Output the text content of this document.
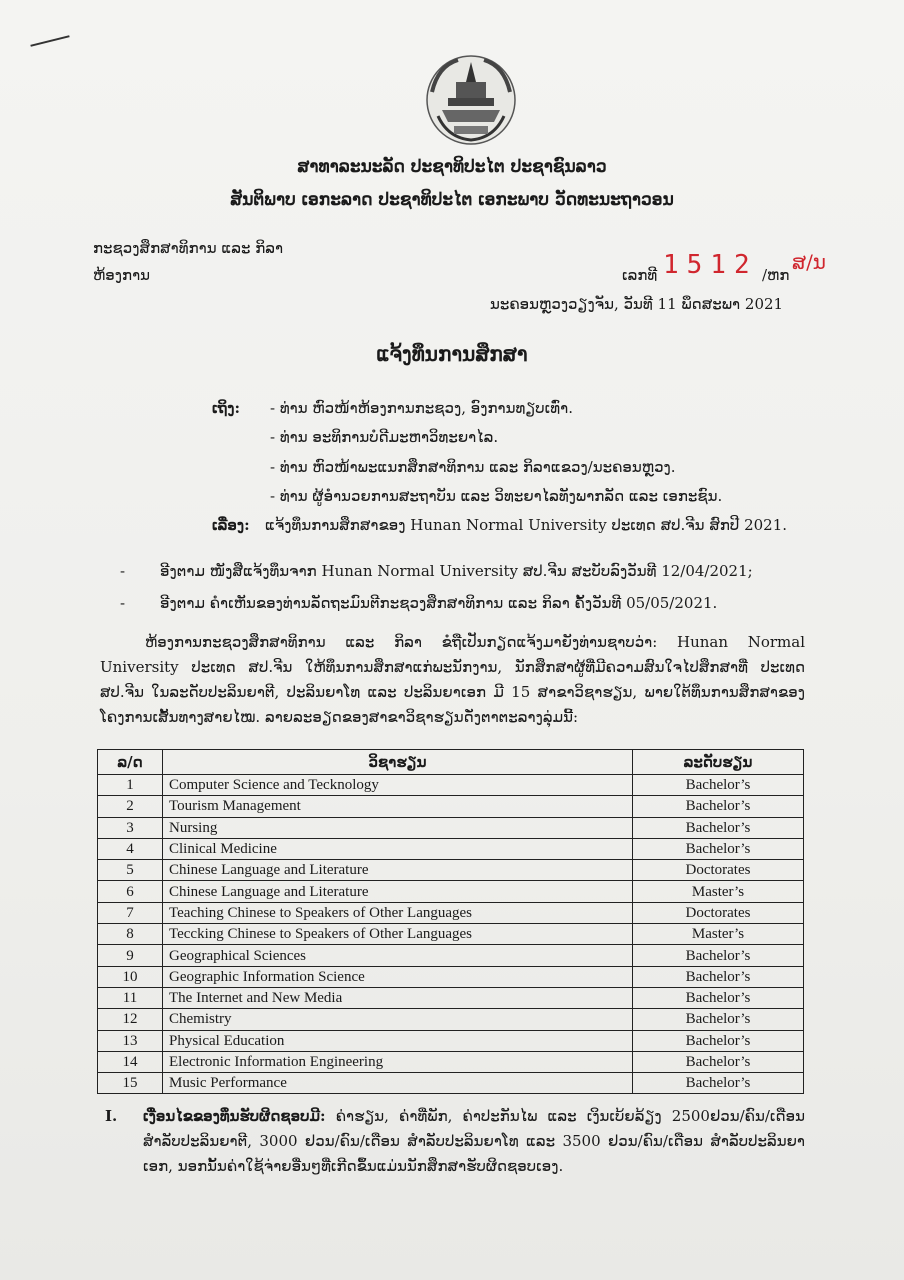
ສາທາລະນະລັດ ປະຊາທິປະໄຕ ປະຊາຊົນລາວ
ສັນຕິພາບ ເອກະລາດ ປະຊາທິປະໄຕ ເອກະພາບ ວັດທະນະຖາວອນ
ກະຊວງສຶກສາທິການ ແລະ ກິລາ
ຫ້ອງການ	ເລກທີ 1512 /ຫກ
ສ/ນ
ນະຄອນຫຼວງວຽງຈັນ, ວັນທີ 11 ພຶດສະພາ 2021
ແຈ້ງທຶນການສຶກສາ
ເຖິງ: - ທ່ານ ຫົວໜ້າຫ້ອງການກະຊວງ, ອົງການທຽບເທົ່າ.
- ທ່ານ ອະທິການບໍດີມະຫາວິທະຍາໄລ.
- ທ່ານ ຫົວໜ້າພະແນກສຶກສາທິການ ແລະ ກິລາແຂວງ/ນະຄອນຫຼວງ.
- ທ່ານ ຜູ້ອຳນວຍການສະຖາບັນ ແລະ ວິທະຍາໄລທັງພາກລັດ ແລະ ເອກະຊົນ.
ເລື່ອງ: ແຈ້ງທຶນການສຶກສາຂອງ Hunan Normal University ປະເທດ ສປ.ຈີນ ສົກປີ 2021.
- ອີງຕາມ ໜັງສືແຈ້ງທຶນຈາກ Hunan Normal University ສປ.ຈີນ ສະບັບລົງວັນທີ 12/04/2021;
- ອີງຕາມ ຄຳເຫັນຂອງທ່ານລັດຖະມົນຕີກະຊວງສຶກສາທິການ ແລະ ກິລາ ຄັ້ງວັນທີ 05/05/2021.
ຫ້ອງການກະຊວງສຶກສາທິການ ແລະ ກິລາ ຂໍຖືເປັນກຽດແຈ້ງມາຍັງທ່ານຊາບວ່າ: Hunan Normal University ປະເທດ ສປ.ຈີນ ໃຫ້ທຶນການສຶກສາແກ່ພະນັກງານ, ນັກສຶກສາຜູ້ທີ່ມີຄວາມສົນໃຈໄປສຶກສາທີ່ ປະເທດ ສປ.ຈີນ ໃນລະດັບປະລິນຍາຕີ, ປະລິນຍາໂທ ແລະ ປະລິນຍາເອກ ມີ 15 ສາຂາວິຊາຮຽນ, ພາຍໃຕ້ທຶນການສຶກສາຂອງໂຄງການເສັ້ນທາງສາຍໄໝ. ລາຍລະອຽດຂອງສາຂາວິຊາຮຽນດັ່ງຕາຕະລາງລຸ່ມນີ້:
ລ/ດ	ວິຊາຮຽນ	ລະດັບຮຽນ
1	Computer Science and Tecknology	Bachelor’s
2	Tourism Management	Bachelor’s
3	Nursing	Bachelor’s
4	Clinical Medicine	Bachelor’s
5	Chinese Language and Literature	Doctorates
6	Chinese Language and Literature	Master’s
7	Teaching Chinese to Speakers of Other Languages	Doctorates
8	Teccking Chinese to Speakers of Other Languages	Master’s
9	Geographical Sciences	Bachelor’s
10	Geographic Information Science	Bachelor’s
11	The Internet and New Media	Bachelor’s
12	Chemistry	Bachelor’s
13	Physical Education	Bachelor’s
14	Electronic Information Engineering	Bachelor’s
15	Music Performance	Bachelor’s
I. ເງື່ອນໄຂຂອງທຶນຮັບຜິດຊອບມີ: ຄ່າຮຽນ, ຄ່າທີ່ພັກ, ຄ່າປະກັນໄພ ແລະ ເງິນເບ້ຍລ້ຽງ 2500ຢວນ/ຄົນ/ເດືອນ ສຳລັບປະລິນຍາຕີ, 3000 ຢວນ/ຄົນ/ເດືອນ ສຳລັບປະລິນຍາໂທ ແລະ 3500 ຢວນ/ຄົນ/ເດືອນ ສຳລັບປະລິນຍາເອກ, ນອກນັ້ນຄ່າໃຊ້ຈ່າຍອື່ນໆທີ່ເກີດຂຶ້ນແມ່ນນັກສຶກສາຮັບຜິດຊອບເອງ.
